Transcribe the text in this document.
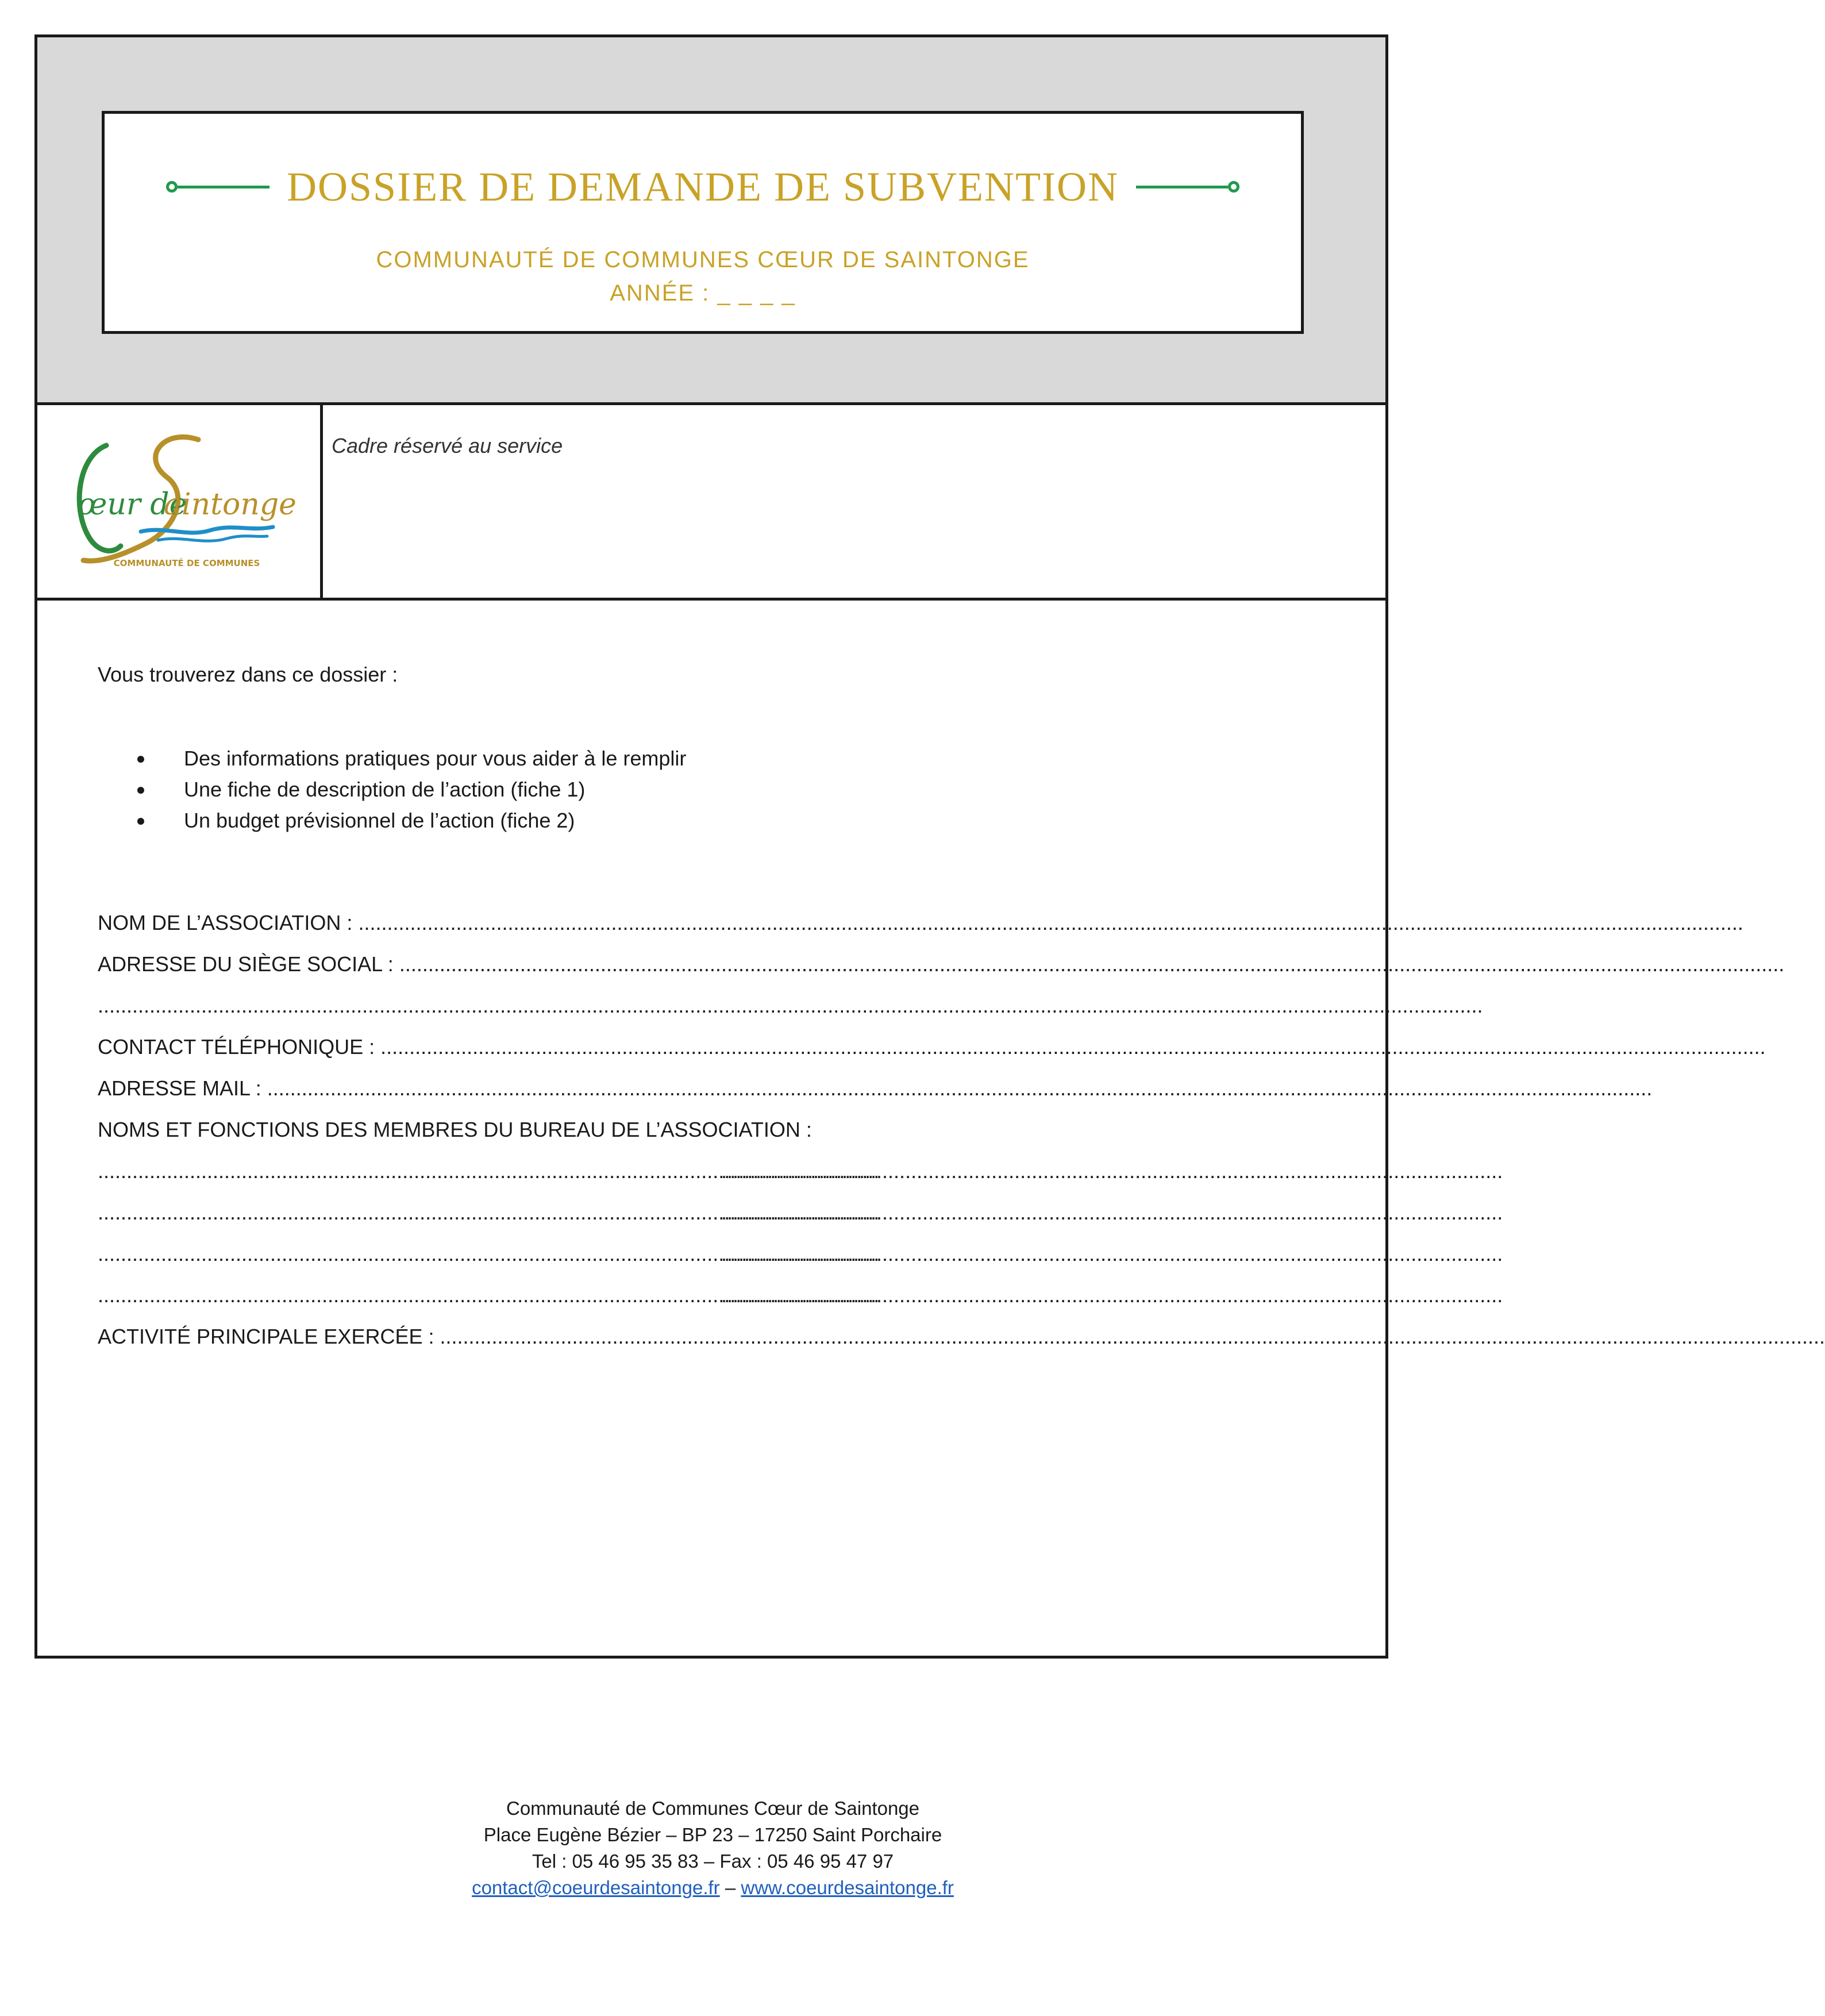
DOSSIER DE DEMANDE DE SUBVENTION
COMMUNAUTÉ DE COMMUNES CŒUR DE SAINTONGE
ANNÉE : _ _ _ _
œur de
aintonge
COMMUNAUTÉ DE COMMUNES
Cadre réservé au service
Vous trouverez dans ce dossier :
●	Des informations pratiques pour vous aider à le remplir
●	Une fiche de description de l’action (fiche 1)
●	Un budget prévisionnel de l’action (fiche 2)
NOM DE L’ASSOCIATION : .................................................................................................................................................................................................................................................
ADRESSE DU SIÈGE SOCIAL : .................................................................................................................................................................................................................................................
.................................................................................................................................................................................................................................................
CONTACT TÉLÉPHONIQUE : .................................................................................................................................................................................................................................................
ADRESSE MAIL : .................................................................................................................................................................................................................................................
NOMS ET FONCTIONS DES MEMBRES DU BUREAU DE L’ASSOCIATION :
........................................................................................................................................
........................................................................................................................................
........................................................................................................................................
........................................................................................................................................
........................................................................................................................................
........................................................................................................................................
........................................................................................................................................
........................................................................................................................................
ACTIVITÉ PRINCIPALE EXERCÉE : .................................................................................................................................................................................................................................................
Communauté de Communes Cœur de Saintonge
Place Eugène Bézier – BP 23 – 17250 Saint Porchaire
Tel : 05 46 95 35 83 – Fax : 05 46 95 47 97
contact@coeurdesaintonge.fr – www.coeurdesaintonge.fr
